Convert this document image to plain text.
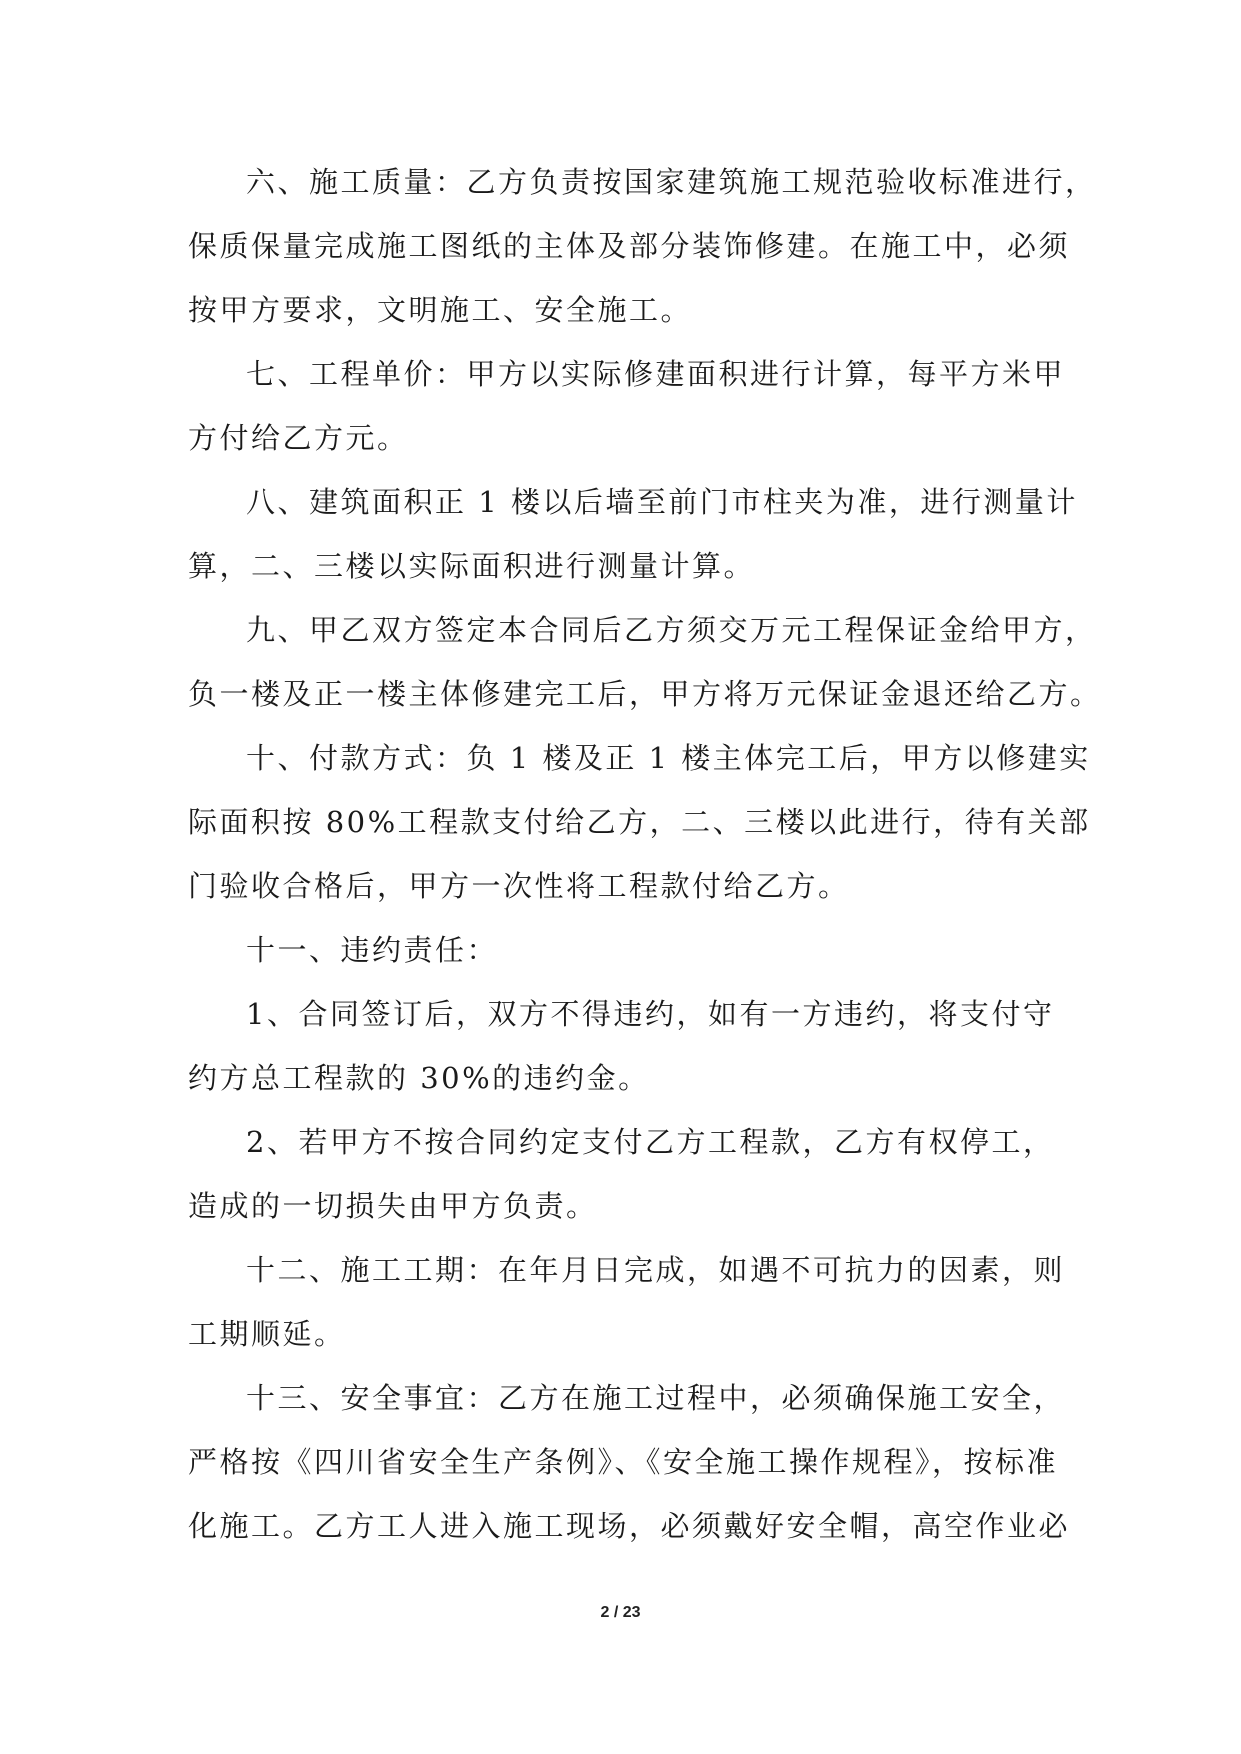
六、施工质量：乙方负责按国家建筑施工规范验收标准进行，
保质保量完成施工图纸的主体及部分装饰修建。在施工中，必须
按甲方要求，文明施工、安全施工。
七、工程单价：甲方以实际修建面积进行计算，每平方米甲
方付给乙方元。
八、建筑面积正 1 楼以后墙至前门市柱夹为准，进行测量计
算，二、三楼以实际面积进行测量计算。
九、甲乙双方签定本合同后乙方须交万元工程保证金给甲方，
负一楼及正一楼主体修建完工后，甲方将万元保证金退还给乙方。
十、付款方式：负 1 楼及正 1 楼主体完工后，甲方以修建实
际面积按 80%工程款支付给乙方，二、三楼以此进行，待有关部
门验收合格后，甲方一次性将工程款付给乙方。
十一、违约责任：
1、合同签订后，双方不得违约，如有一方违约，将支付守
约方总工程款的 30%的违约金。
2、若甲方不按合同约定支付乙方工程款，乙方有权停工，
造成的一切损失由甲方负责。
十二、施工工期：在年月日完成，如遇不可抗力的因素，则
工期顺延。
十三、安全事宜：乙方在施工过程中，必须确保施工安全，
严格按《四川省安全生产条例》、《安全施工操作规程》，按标准
化施工。乙方工人进入施工现场，必须戴好安全帽，高空作业必
2 / 23
